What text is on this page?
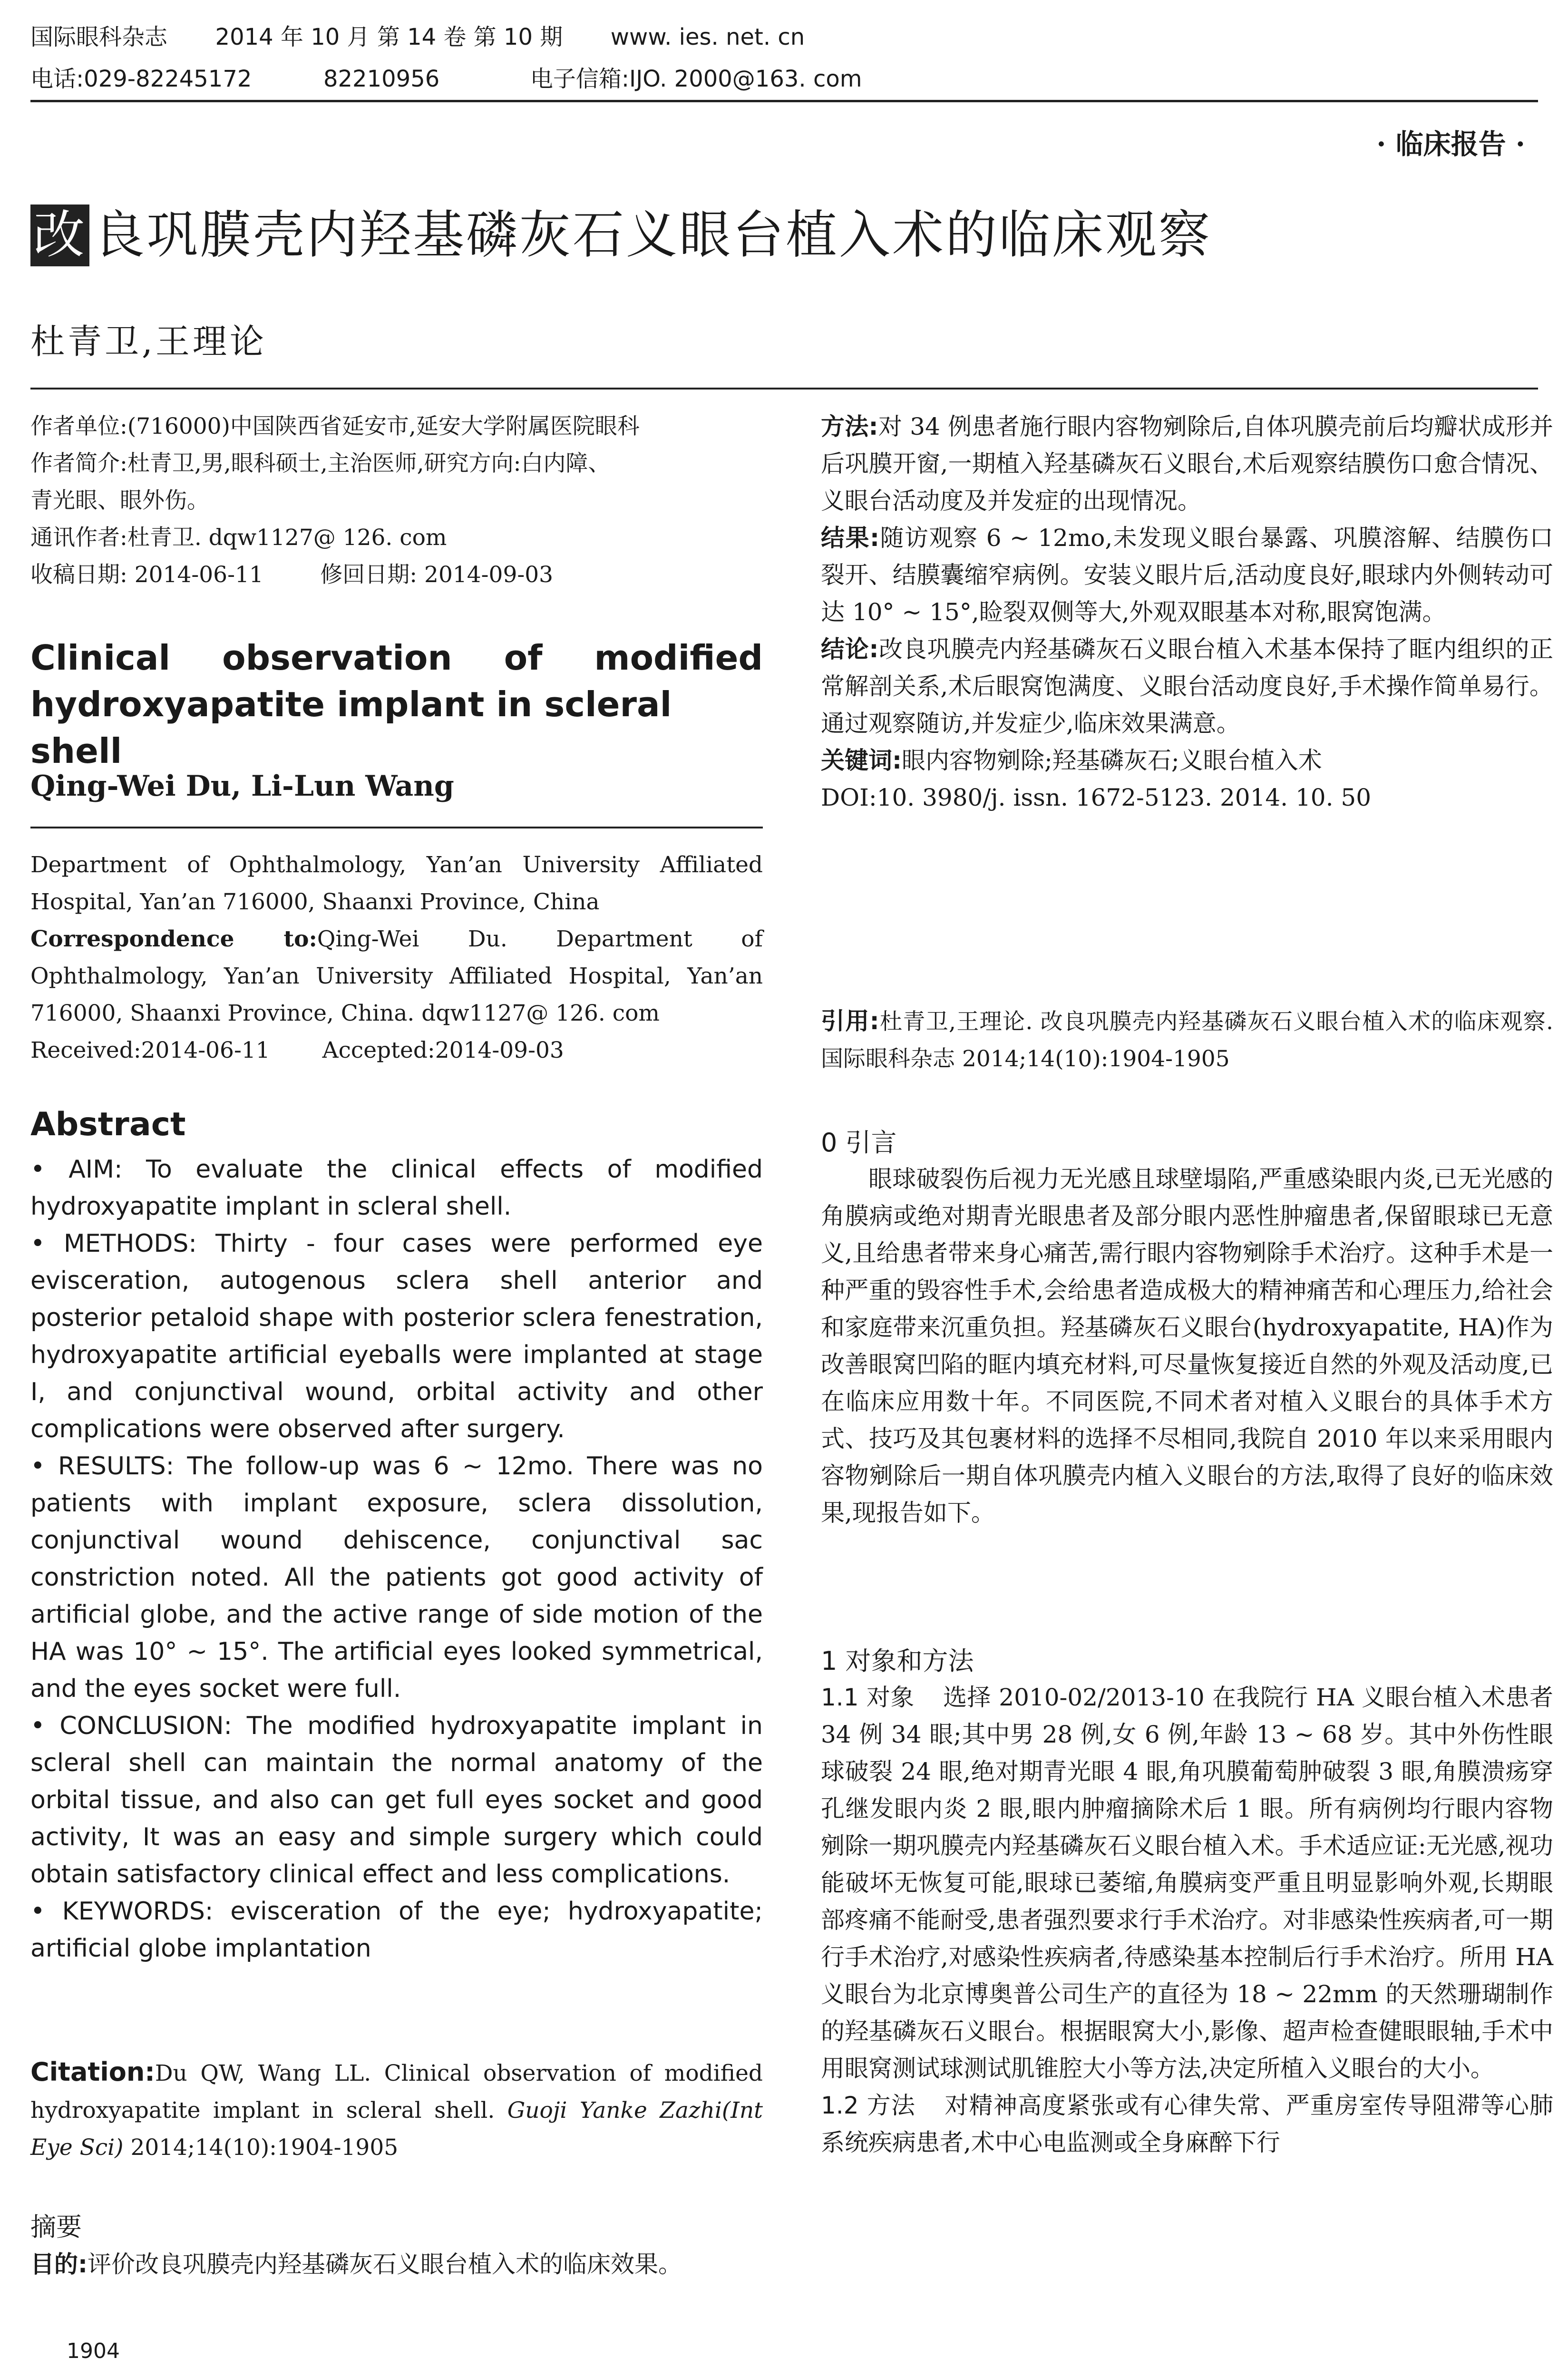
国际眼科杂志 2014 年 10 月 第 14 卷 第 10 期 www. ies. net. cn
电话:029-82245172	82210956	电子信箱:IJO. 2000@163. com
· 临床报告 ·
改 良巩膜壳内羟基磷灰石义眼台植入术的临床观察
杜青卫,王理论
作者单位:(716000)中国陕西省延安市,延安大学附属医院眼科
作者简介:杜青卫,男,眼科硕士,主治医师,研究方向:白内障、
青光眼、眼外伤。
通讯作者:杜青卫. dqw1127@ 126. com
收稿日期: 2014-06-11        修回日期: 2014-09-03
Clinical observation of modified
hydroxyapatite implant in scleral shell
Qing-Wei Du, Li-Lun Wang
Department of Ophthalmology, Yan’an University Affiliated Hospital, Yan’an 716000, Shaanxi Province, China
Correspondence to:Qing-Wei Du. Department of Ophthalmology, Yan’an University Affiliated Hospital, Yan’an 716000, Shaanxi Province, China. dqw1127@ 126. com
Received:2014-06-11 Accepted:2014-09-03
Abstract
• AIM: To evaluate the clinical effects of modified hydroxyapatite implant in scleral shell.
• METHODS: Thirty - four cases were performed eye evisceration, autogenous sclera shell anterior and posterior petaloid shape with posterior sclera fenestration, hydroxyapatite artificial eyeballs were implanted at stage I, and conjunctival wound, orbital activity and other complications were observed after surgery.
• RESULTS: The follow-up was 6 ~ 12mo. There was no patients with implant exposure, sclera dissolution, conjunctival wound dehiscence, conjunctival sac constriction noted. All the patients got good activity of artificial globe, and the active range of side motion of the HA was 10° ~ 15°. The artificial eyes looked symmetrical, and the eyes socket were full.
• CONCLUSION: The modified hydroxyapatite implant in scleral shell can maintain the normal anatomy of the orbital tissue, and also can get full eyes socket and good activity, It was an easy and simple surgery which could obtain satisfactory clinical effect and less complications.
• KEYWORDS: evisceration of the eye; hydroxyapatite; artificial globe implantation
Citation:Du QW, Wang LL. Clinical observation of modified hydroxyapatite implant in scleral shell. Guoji Yanke Zazhi(Int Eye Sci) 2014;14(10):1904-1905
摘要
目的:评价改良巩膜壳内羟基磷灰石义眼台植入术的临床效果。
1904
方法:对 34 例患者施行眼内容物剜除后,自体巩膜壳前后均瓣状成形并后巩膜开窗,一期植入羟基磷灰石义眼台,术后观察结膜伤口愈合情况、义眼台活动度及并发症的出现情况。
结果:随访观察 6 ~ 12mo,未发现义眼台暴露、巩膜溶解、结膜伤口裂开、结膜囊缩窄病例。安装义眼片后,活动度良好,眼球内外侧转动可达 10° ~ 15°,睑裂双侧等大,外观双眼基本对称,眼窝饱满。
结论:改良巩膜壳内羟基磷灰石义眼台植入术基本保持了眶内组织的正常解剖关系,术后眼窝饱满度、义眼台活动度良好,手术操作简单易行。通过观察随访,并发症少,临床效果满意。
关键词:眼内容物剜除;羟基磷灰石;义眼台植入术
DOI:10. 3980/j. issn. 1672-5123. 2014. 10. 50
引用:杜青卫,王理论. 改良巩膜壳内羟基磷灰石义眼台植入术的临床观察. 国际眼科杂志 2014;14(10):1904-1905
0 引言
眼球破裂伤后视力无光感且球壁塌陷,严重感染眼内炎,已无光感的角膜病或绝对期青光眼患者及部分眼内恶性肿瘤患者,保留眼球已无意义,且给患者带来身心痛苦,需行眼内容物剜除手术治疗。这种手术是一种严重的毁容性手术,会给患者造成极大的精神痛苦和心理压力,给社会和家庭带来沉重负担。羟基磷灰石义眼台(hydroxyapatite, HA)作为改善眼窝凹陷的眶内填充材料,可尽量恢复接近自然的外观及活动度,已在临床应用数十年。不同医院,不同术者对植入义眼台的具体手术方式、技巧及其包裹材料的选择不尽相同,我院自 2010 年以来采用眼内容物剜除后一期自体巩膜壳内植入义眼台的方法,取得了良好的临床效果,现报告如下。
1 对象和方法
1.1 对象 选择 2010-02/2013-10 在我院行 HA 义眼台植入术患者 34 例 34 眼;其中男 28 例,女 6 例,年龄 13 ~ 68 岁。其中外伤性眼球破裂 24 眼,绝对期青光眼 4 眼,角巩膜葡萄肿破裂 3 眼,角膜溃疡穿孔继发眼内炎 2 眼,眼内肿瘤摘除术后 1 眼。所有病例均行眼内容物剜除一期巩膜壳内羟基磷灰石义眼台植入术。手术适应证:无光感,视功能破坏无恢复可能,眼球已萎缩,角膜病变严重且明显影响外观,长期眼部疼痛不能耐受,患者强烈要求行手术治疗。对非感染性疾病者,可一期行手术治疗,对感染性疾病者,待感染基本控制后行手术治疗。所用 HA 义眼台为北京博奥普公司生产的直径为 18 ~ 22mm 的天然珊瑚制作的羟基磷灰石义眼台。根据眼窝大小,影像、超声检查健眼眼轴,手术中用眼窝测试球测试肌锥腔大小等方法,决定所植入义眼台的大小。
1.2 方法 对精神高度紧张或有心律失常、严重房室传导阻滞等心肺系统疾病患者,术中心电监测或全身麻醉下行
